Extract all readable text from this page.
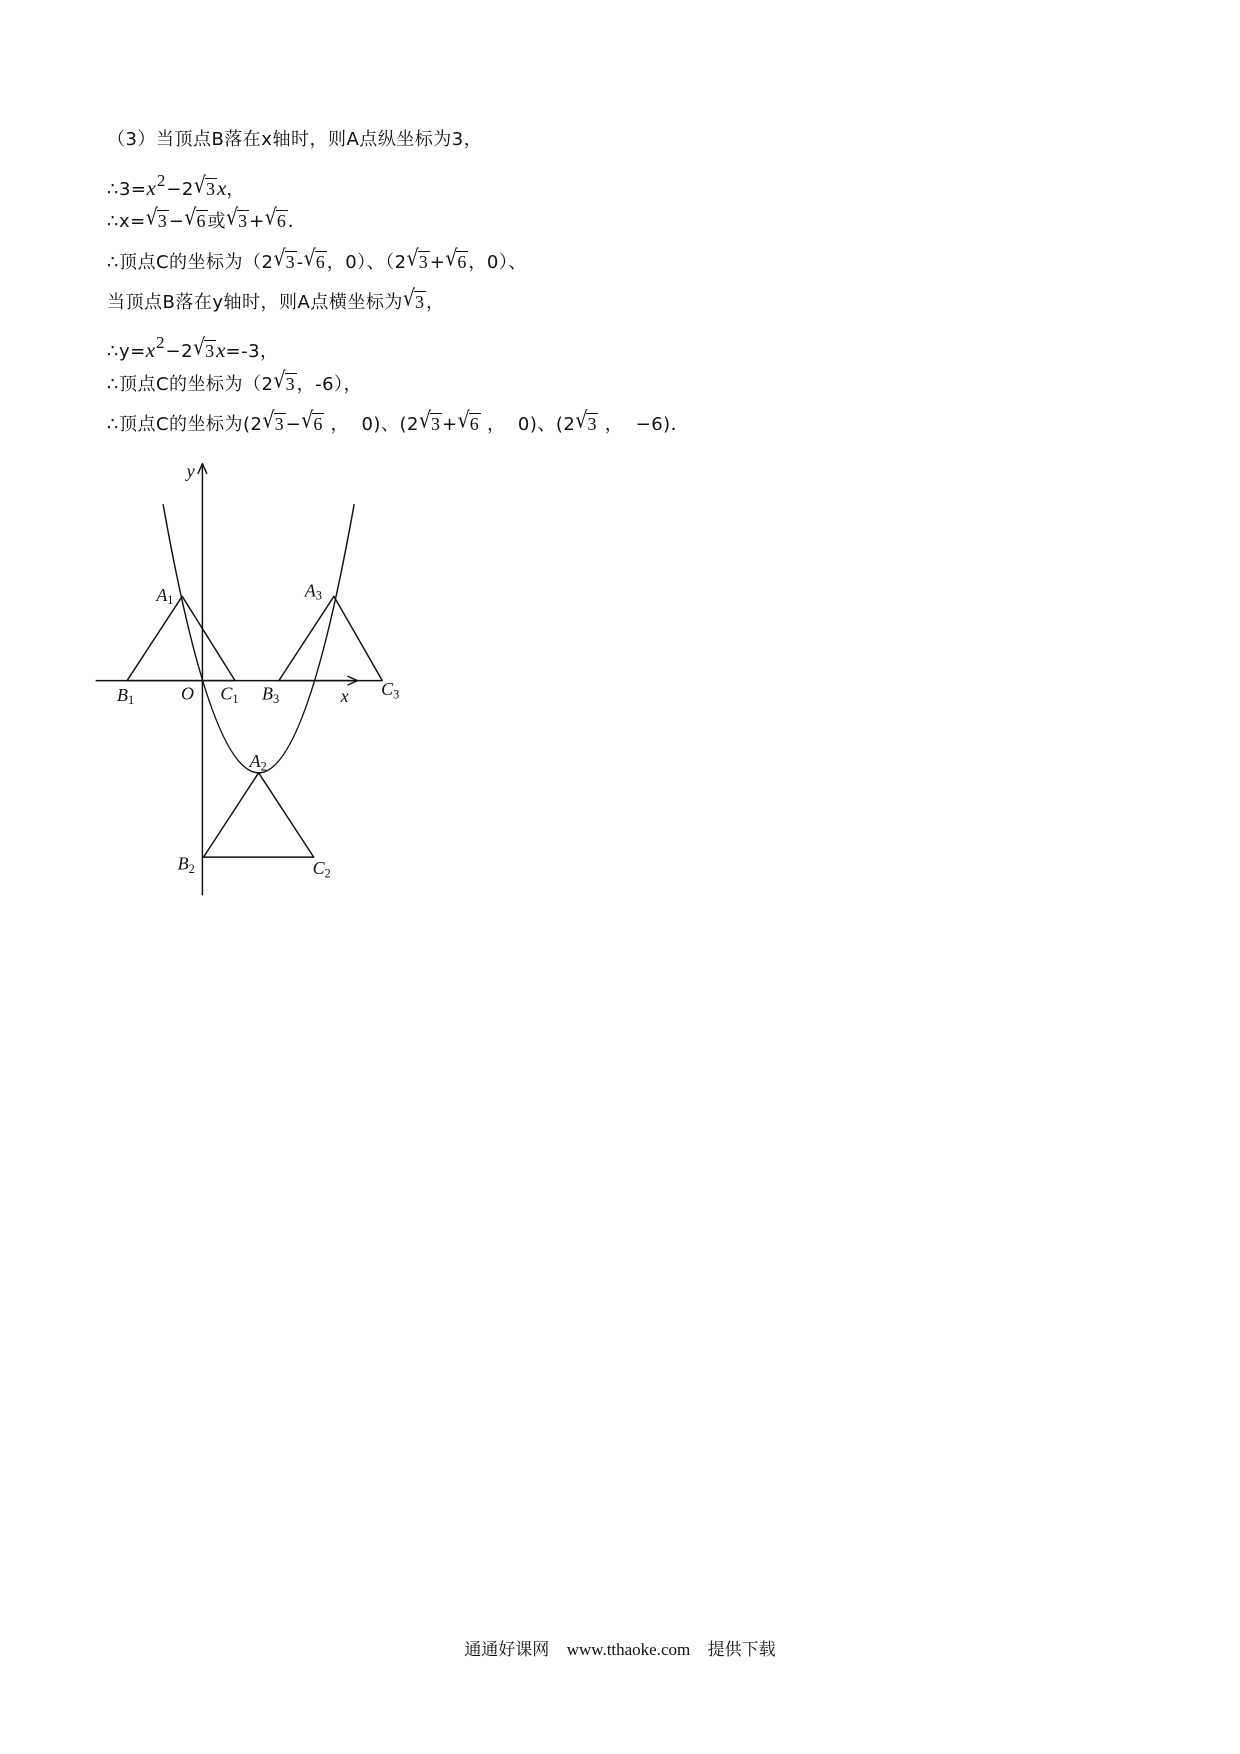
（3）当顶点B落在x轴时，则A点纵坐标为3，
∴3=x2−2√3x，
∴x=√3 −√6 或√3 +√6 ．
∴顶点C的坐标为（2√3 -√6 ，0）、（2√3 +√6 ，0）、
当顶点B落在y轴时，则A点横坐标为√3 ，
∴y=x2−2√3x=-3，
∴顶点C的坐标为（2√3 ，-6），
∴顶点C的坐标为(2√3 −√6 ，  0)、(2√3 +√6 ，  0)、(2√3 ，  −6)．
y
x
O
A1	A3
A2
B1	C1 B3	C3
B2	C2
通通好课网 www.tthaoke.com 提供下载
